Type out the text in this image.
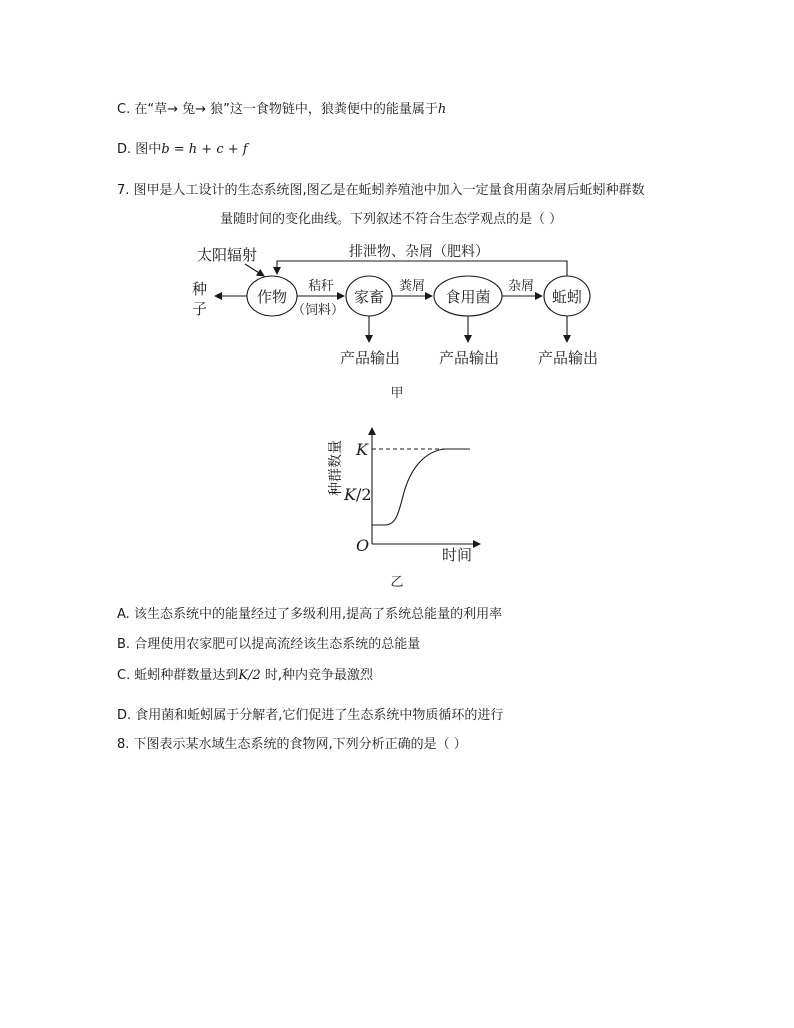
C. 在“草→ 兔→ 狼”这一食物链中，狼粪便中的能量属于h
D. 图中b = h + c + f
7. 图甲是人工设计的生态系统图,图乙是在蚯蚓养殖池中加入一定量食用菌杂屑后蚯蚓种群数
量随时间的变化曲线。下列叙述不符合生态学观点的是（ ）
太阳辐射	排泄物、杂屑（肥料）
种
子
作物	家畜	食用菌	蚯蚓
秸秆
（饲料）
粪屑	杂屑
产品输出	产品输出	产品输出
甲
种群数量 K
K/2
O	时间
乙
A. 该生态系统中的能量经过了多级利用,提高了系统总能量的利用率
B. 合理使用农家肥可以提高流经该生态系统的总能量
C. 蚯蚓种群数量达到K/2 时,种内竞争最激烈
D. 食用菌和蚯蚓属于分解者,它们促进了生态系统中物质循环的进行
8. 下图表示某水域生态系统的食物网,下列分析正确的是（ ）
